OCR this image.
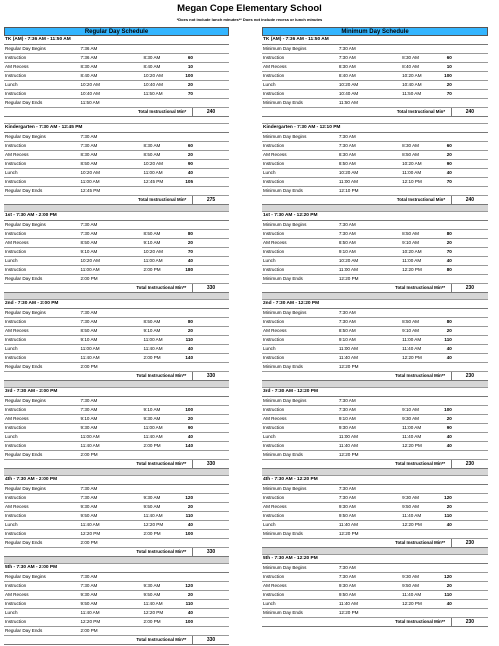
Megan Cope Elementary School
*Does not include lunch minutes** Does not include recess or lunch minutes
Regular Day Schedule
TK (AM) - 7:36 AM - 11:50 AM
Regular Day Begins	7:36 AM
Instruction	7:36 AM	8:30 AM	60
AM Recess	8:30 AM	8:40 AM	10
Instruction	8:40 AM	10:20 AM	100
Lunch	10:20 AM	10:40 AM	20
Instruction	10:40 AM	11:50 AM	70
Regular Day Ends	11:50 AM
Total Instructional Min*	240
Kindergarten - 7:30 AM - 12:45 PM
Regular Day Begins	7:30 AM
Instruction	7:30 AM	8:30 AM	60
AM Recess	8:30 AM	8:50 AM	20
Instruction	8:50 AM	10:20 AM	90
Lunch	10:20 AM	11:00 AM	40
Instruction	11:00 AM	12:45 PM	105
Regular Day Ends	12:45 PM
Total Instructional Min*	275
1st - 7:30 AM - 2:00 PM
Regular Day Begins	7:30 AM
Instruction	7:30 AM	8:50 AM	80
AM Recess	8:50 AM	9:10 AM	20
Instruction	9:10 AM	10:20 AM	70
Lunch	10:20 AM	11:00 AM	40
Instruction	11:00 AM	2:00 PM	180
Regular Day Ends	2:00 PM
Total Instructional Min**	330
2nd - 7:30 AM - 2:00 PM
Regular Day Begins	7:30 AM
Instruction	7:30 AM	8:50 AM	80
AM Recess	8:50 AM	9:10 AM	20
Instruction	9:10 AM	11:00 AM	110
Lunch	11:00 AM	11:40 AM	40
Instruction	11:40 AM	2:00 PM	140
Regular Day Ends	2:00 PM
Total Instructional Min**	330
3rd - 7:30 AM - 2:00 PM
Regular Day Begins	7:30 AM
Instruction	7:30 AM	9:10 AM	100
AM Recess	9:10 AM	9:30 AM	20
Instruction	9:30 AM	11:00 AM	90
Lunch	11:00 AM	11:40 AM	40
Instruction	11:40 AM	2:00 PM	140
Regular Day Ends	2:00 PM
Total Instructional Min**	330
4th - 7:30 AM - 2:00 PM
Regular Day Begins	7:30 AM
Instruction	7:30 AM	9:30 AM	120
AM Recess	9:30 AM	9:50 AM	20
Instruction	9:50 AM	11:40 AM	110
Lunch	11:40 AM	12:20 PM	40
Instruction	12:20 PM	2:00 PM	100
Regular Day Ends	2:00 PM
Total Instructional Min**	330
5th - 7:30 AM - 2:00 PM
Regular Day Begins	7:30 AM
Instruction	7:30 AM	9:30 AM	120
AM Recess	9:30 AM	9:50 AM	20
Instruction	9:50 AM	11:40 AM	110
Lunch	11:40 AM	12:20 PM	40
Instruction	12:20 PM	2:00 PM	100
Regular Day Ends	2:00 PM
Total Instructional Min**	330
Minimum Day Schedule
TK (AM) - 7:36 AM - 11:50 AM
Minimum Day Begins	7:30 AM
Instruction	7:30 AM	8:30 AM	60
AM Recess	8:30 AM	8:40 AM	10
Instruction	8:40 AM	10:20 AM	100
Lunch	10:20 AM	10:40 AM	20
Instruction	10:40 AM	11:50 AM	70
Minimum Day Ends	11:50 AM
Total Instructional Min*	240
Kindergarten - 7:30 AM - 12:10 PM
Minimum Day Begins	7:30 AM
Instruction	7:30 AM	8:30 AM	60
AM Recess	8:30 AM	8:50 AM	20
Instruction	8:50 AM	10:20 AM	90
Lunch	10:20 AM	11:00 AM	40
Instruction	11:00 AM	12:10 PM	70
Minimum Day Ends	12:10 PM
Total Instructional Min*	240
1st - 7:30 AM - 12:20 PM
Minimum Day Begins	7:30 AM
Instruction	7:30 AM	8:50 AM	80
AM Recess	8:50 AM	9:10 AM	20
Instruction	9:10 AM	10:20 AM	70
Lunch	10:20 AM	11:00 AM	40
Instruction	11:00 AM	12:20 PM	80
Minimum Day Ends	12:20 PM
Total Instructional Min**	230
2nd - 7:30 AM - 12:20 PM
Minimum Day Begins	7:30 AM
Instruction	7:30 AM	8:50 AM	80
AM Recess	8:50 AM	9:10 AM	20
Instruction	9:10 AM	11:00 AM	110
Lunch	11:00 AM	11:40 AM	40
Instruction	11:40 AM	12:20 PM	40
Minimum Day Ends	12:20 PM
Total Instructional Min**	230
3rd - 7:30 AM - 12:20 PM
Minimum Day Begins	7:30 AM
Instruction	7:30 AM	9:10 AM	100
AM Recess	9:10 AM	9:30 AM	20
Instruction	9:30 AM	11:00 AM	90
Lunch	11:00 AM	11:40 AM	40
Instruction	11:40 AM	12:20 PM	40
Minimum Day Ends	12:20 PM
Total Instructional Min**	230
4th - 7:30 AM - 12:20 PM
Minimum Day Begins	7:30 AM
Instruction	7:30 AM	9:30 AM	120
AM Recess	9:30 AM	9:50 AM	20
Instruction	9:50 AM	11:40 AM	110
Lunch	11:40 AM	12:20 PM	40
Minimum Day Ends	12:20 PM
Total Instructional Min**	230
5th - 7:30 AM - 12:20 PM
Minimum Day Begins	7:30 AM
Instruction	7:30 AM	9:30 AM	120
AM Recess	9:30 AM	9:50 AM	20
Instruction	9:50 AM	11:40 AM	110
Lunch	11:40 AM	12:20 PM	40
Minimum Day Ends	12:20 PM
Total Instructional Min**	230
